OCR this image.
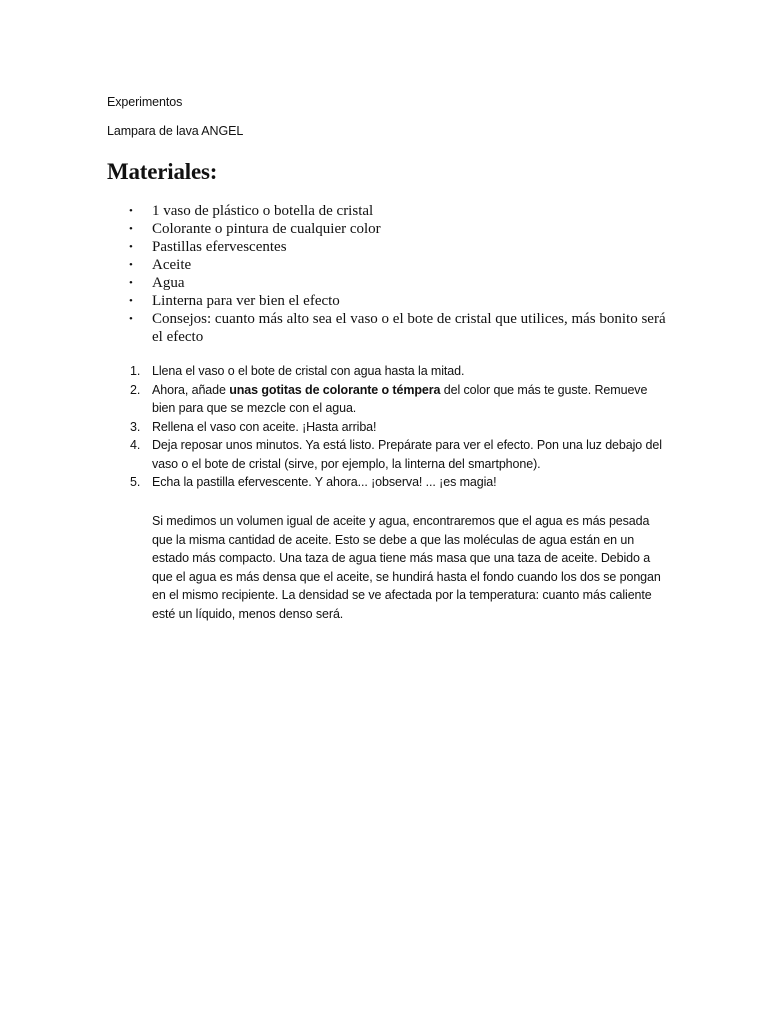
Experimentos
Lampara de lava ANGEL
Materiales:
• 1 vaso de plástico o botella de cristal
• Colorante o pintura de cualquier color
• Pastillas efervescentes
• Aceite
• Agua
• Linterna para ver bien el efecto
• Consejos: cuanto más alto sea el vaso o el bote de cristal que utilices, más bonito será el efecto
1. Llena el vaso o el bote de cristal con agua hasta la mitad.
2. Ahora, añade unas gotitas de colorante o témpera del color que más te guste. Remueve bien para que se mezcle con el agua.
3. Rellena el vaso con aceite. ¡Hasta arriba!
4. Deja reposar unos minutos. Ya está listo. Prepárate para ver el efecto. Pon una luz debajo del vaso o el bote de cristal (sirve, por ejemplo, la linterna del smartphone).
5. Echa la pastilla efervescente. Y ahora... ¡observa! ... ¡es magia!

Si medimos un volumen igual de aceite y agua, encontraremos que el agua es más pesada que la misma cantidad de aceite. Esto se debe a que las moléculas de agua están en un estado más compacto. Una taza de agua tiene más masa que una taza de aceite. Debido a que el agua es más densa que el aceite, se hundirá hasta el fondo cuando los dos se pongan en el mismo recipiente. La densidad se ve afectada por la temperatura: cuanto más caliente esté un líquido, menos denso será.
